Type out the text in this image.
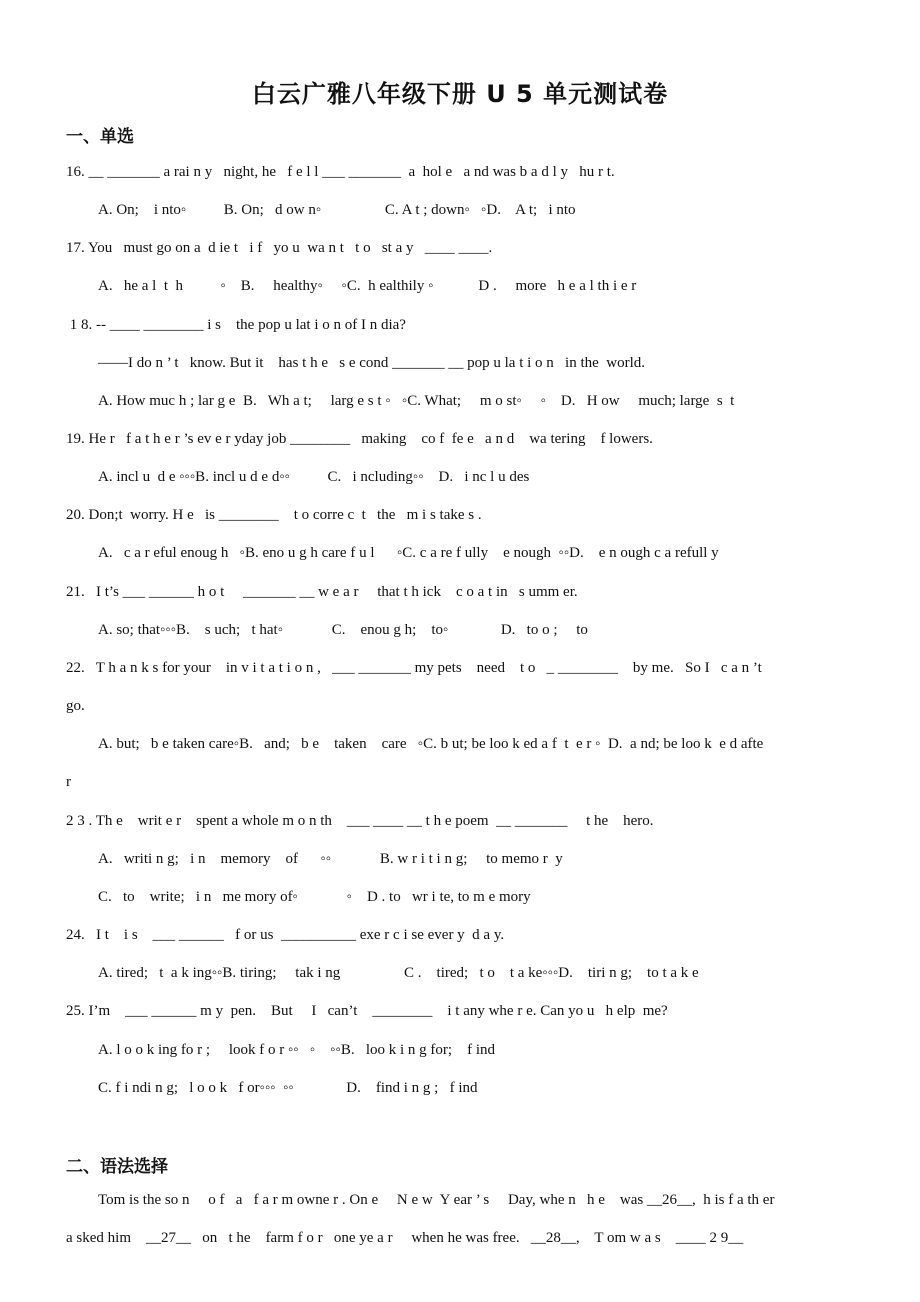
白云广雅八年级下册 U 5 单元测试卷
一、单选
16. __ _______ a rai n y   night, he   f e l l ___ _______  a  hol e   a nd was b a d l y   hu r t.
A. On;    i nto◦          B. On;   d ow n◦                 C. A t ; down◦   ◦D.    A t;   i nto
17. You   must go on a  d ie t   i f   yo u  wa n t   t o   st a y   ____ ____.
A.   he a l  t  h          ◦    B.     healthy◦     ◦C.  h ealthily ◦            D .     more   h e a l th i e r
1 8. -- ____ ________ i s    the pop u lat i o n of I n dia?
——I do n ’ t   know. But it    has t h e   s e cond _______ __ pop u la t i o n   in the  world.
A. How muc h ; lar g e  B.   Wh a t;     larg e s t ◦   ◦C. What;     m o st◦     ◦    D.   H ow     much; large  s  t
19. He r   f a t h e r ’s ev e r yday job ________   making    co f  fe e   a n d    wa tering    f lowers.
A. incl u  d e ◦◦◦B. incl u d e d◦◦          C.   i ncluding◦◦    D.   i nc l u des
20. Don;t  worry. H e   is ________    t o corre c  t   the   m i s take s .
A.   c a r eful enoug h   ◦B. eno u g h care f u l      ◦C. c a re f ully    e nough  ◦◦D.    e n ough c a refull y
21.   I t’s ___ ______ h o t     _______ __ w e a r     that t h ick    c o a t in   s umm er.
A. so; that◦◦◦B.    s uch;   t hat◦             C.    enou g h;    to◦              D.   to o ;     to
22.   T h a n k s for your    in v i t a t i o n ,   ___ _______ my pets    need    t o   _ ________    by me.   So I   c a n ’t
go.
A. but;   b e taken care◦B.   and;   b e    taken    care   ◦C. b ut; be loo k ed a f  t  e r ◦  D.  a nd; be loo k  e d afte
r
2 3 . Th e    writ e r    spent a whole m o n th    ___ ____ __ t h e poem  __ _______     t he    hero.
A.   writi n g;   i n    memory    of      ◦◦             B. w r i t i n g;     to memo r  y
C.   to    write;   i n   me mory of◦             ◦    D . to   wr i te, to m e mory
24.   I t    i s    ___ ______   f or us  __________ exe r c i se ever y  d a y.
A. tired;   t  a k ing◦◦B. tiring;     tak i ng                 C .    tired;   t o    t a ke◦◦◦D.    tiri n g;    to t a k e
25. I’m    ___ ______ m y  pen.    But     I   can’t    ________    i t any whe r e. Can yo u   h elp  me?
A. l o o k ing fo r ;     look f o r ◦◦   ◦    ◦◦B.   loo k i n g for;    f ind
C. f i ndi n g;   l o o k   f or◦◦◦  ◦◦              D.    find i n g ;   f ind
二、语法选择
Tom is the so n     o f   a   f a r m owne r . On e     N e w  Y ear ’ s     Day, whe n   h e    was __26__,  h is f a th er
a sked him    __27__   on   t he    farm f o r   one ye a r     when he was free.   __28__,    T om w a s    ____ 2 9__
